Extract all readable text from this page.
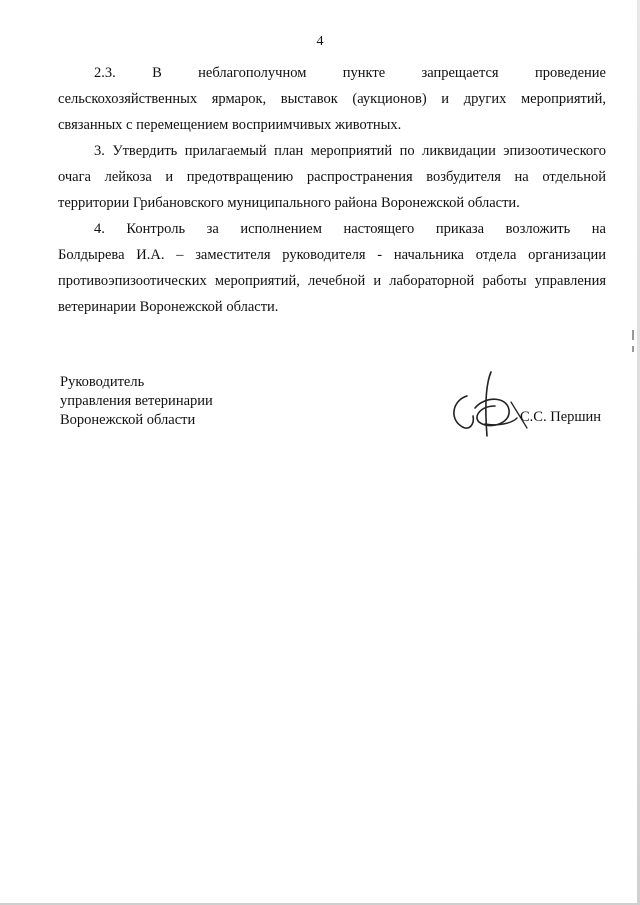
4
2.3.	В	неблагополучном	пункте	запрещается	проведение
сельскохозяйственных ярмарок, выставок (аукционов) и других мероприятий, связанных с перемещением восприимчивых животных.

3. Утвердить прилагаемый план мероприятий по ликвидации эпизоотического очага лейкоза и предотвращению распространения возбудителя на отдельной территории Грибановского муниципального района Воронежской области.

4. Контроль за исполнением настоящего приказа возложить на
Болдырева И.А. – заместителя руководителя - начальника отдела организации противоэпизоотических мероприятий, лечебной и лабораторной работы управления ветеринарии Воронежской области.
Руководитель
управления ветеринарии
Воронежской области	С.С. Першин
